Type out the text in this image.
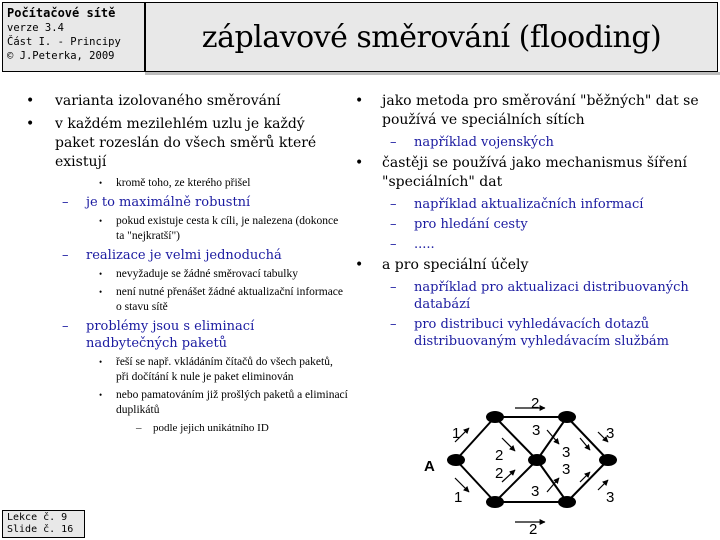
Počítačové sítě
verze 3.4
Část I. - Principy
© J.Peterka, 2009
záplavové směrování (flooding)
• varianta izolovaného směrování
• v každém mezilehlém uzlu je každý paket rozeslán do všech směrů které existují
• kromě toho, ze kterého přišel
– je to maximálně robustní
• pokud existuje cesta k cíli, je nalezena (dokonce ta "nejkratší")
– realizace je velmi jednoduchá
• nevyžaduje se žádné směrovací tabulky
• není nutné přenášet žádné aktualizační informace o stavu sítě
– problémy jsou s eliminací nadbytečných paketů
• řeší se např. vkládáním čítačů do všech paketů, při dočítání k nule je paket eliminován
• nebo pamatováním již prošlých paketů a eliminací duplikátů
– podle jejich unikátního ID
• jako metoda pro směrování "běžných" dat se používá ve speciálních sítích
– například vojenských
• častěji se používá jako mechanismus šíření "speciálních" dat
– například aktualizačních informací
– pro hledání cesty
– .....
• a pro speciální účely
– například pro aktualizaci distribuovaných databází
– pro distribuci vyhledávacích dotazů distribuovaným vyhledávacím službám
A
1
1
2
2
2
3
3
3
3
3
3
2
Lekce č. 9
Slide č. 16
